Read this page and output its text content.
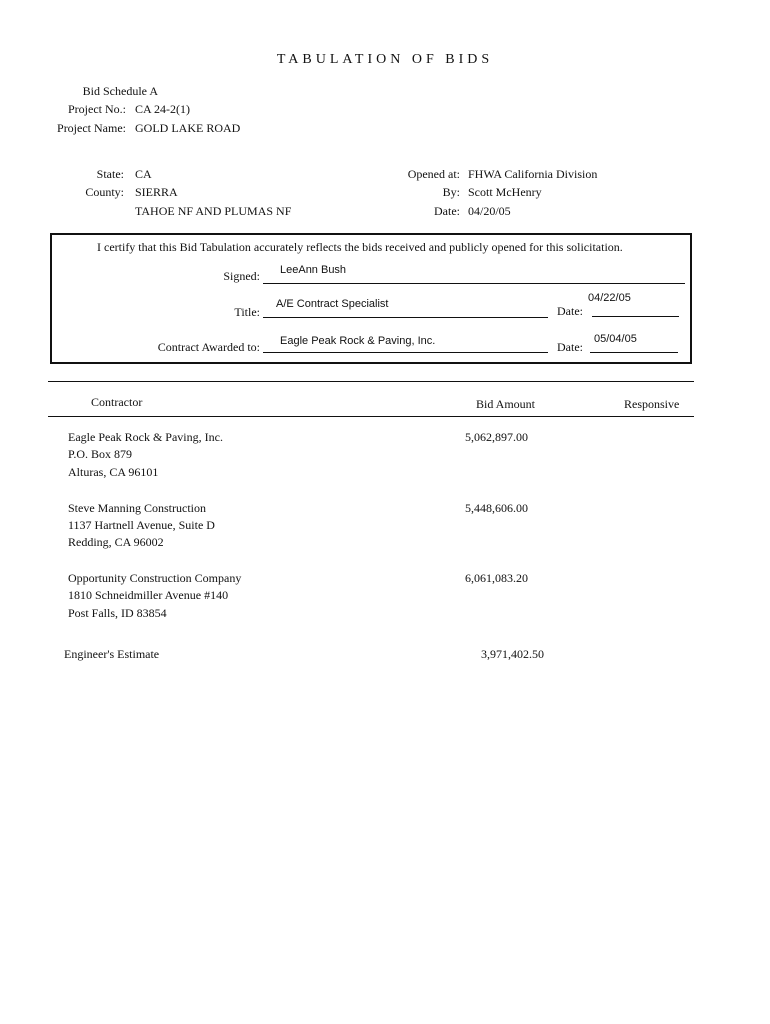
TABULATION OF BIDS
Bid Schedule A
Project No.: CA 24-2(1)
Project Name: GOLD LAKE ROAD
State: CA
County: SIERRA
TAHOE NF AND PLUMAS NF
Opened at: FHWA California Division
By: Scott McHenry
Date: 04/20/05
I certify that this Bid Tabulation accurately reflects the bids received and publicly opened for this solicitation.
Signed: LeeAnn Bush
Title:
A/E Contract Specialist	Date:
04/22/05
Contract Awarded to: Eagle Peak Rock & Paving, Inc.	Date:
05/04/05
Contractor	Bid Amount	Responsive
Eagle Peak Rock & Paving, Inc.
P.O. Box 879
Alturas, CA 96101
5,062,897.00
Steve Manning Construction
1137 Hartnell Avenue, Suite D
Redding, CA 96002
5,448,606.00
Opportunity Construction Company
1810 Schneidmiller Avenue #140
Post Falls, ID 83854
6,061,083.20
Engineer's Estimate	3,971,402.50
